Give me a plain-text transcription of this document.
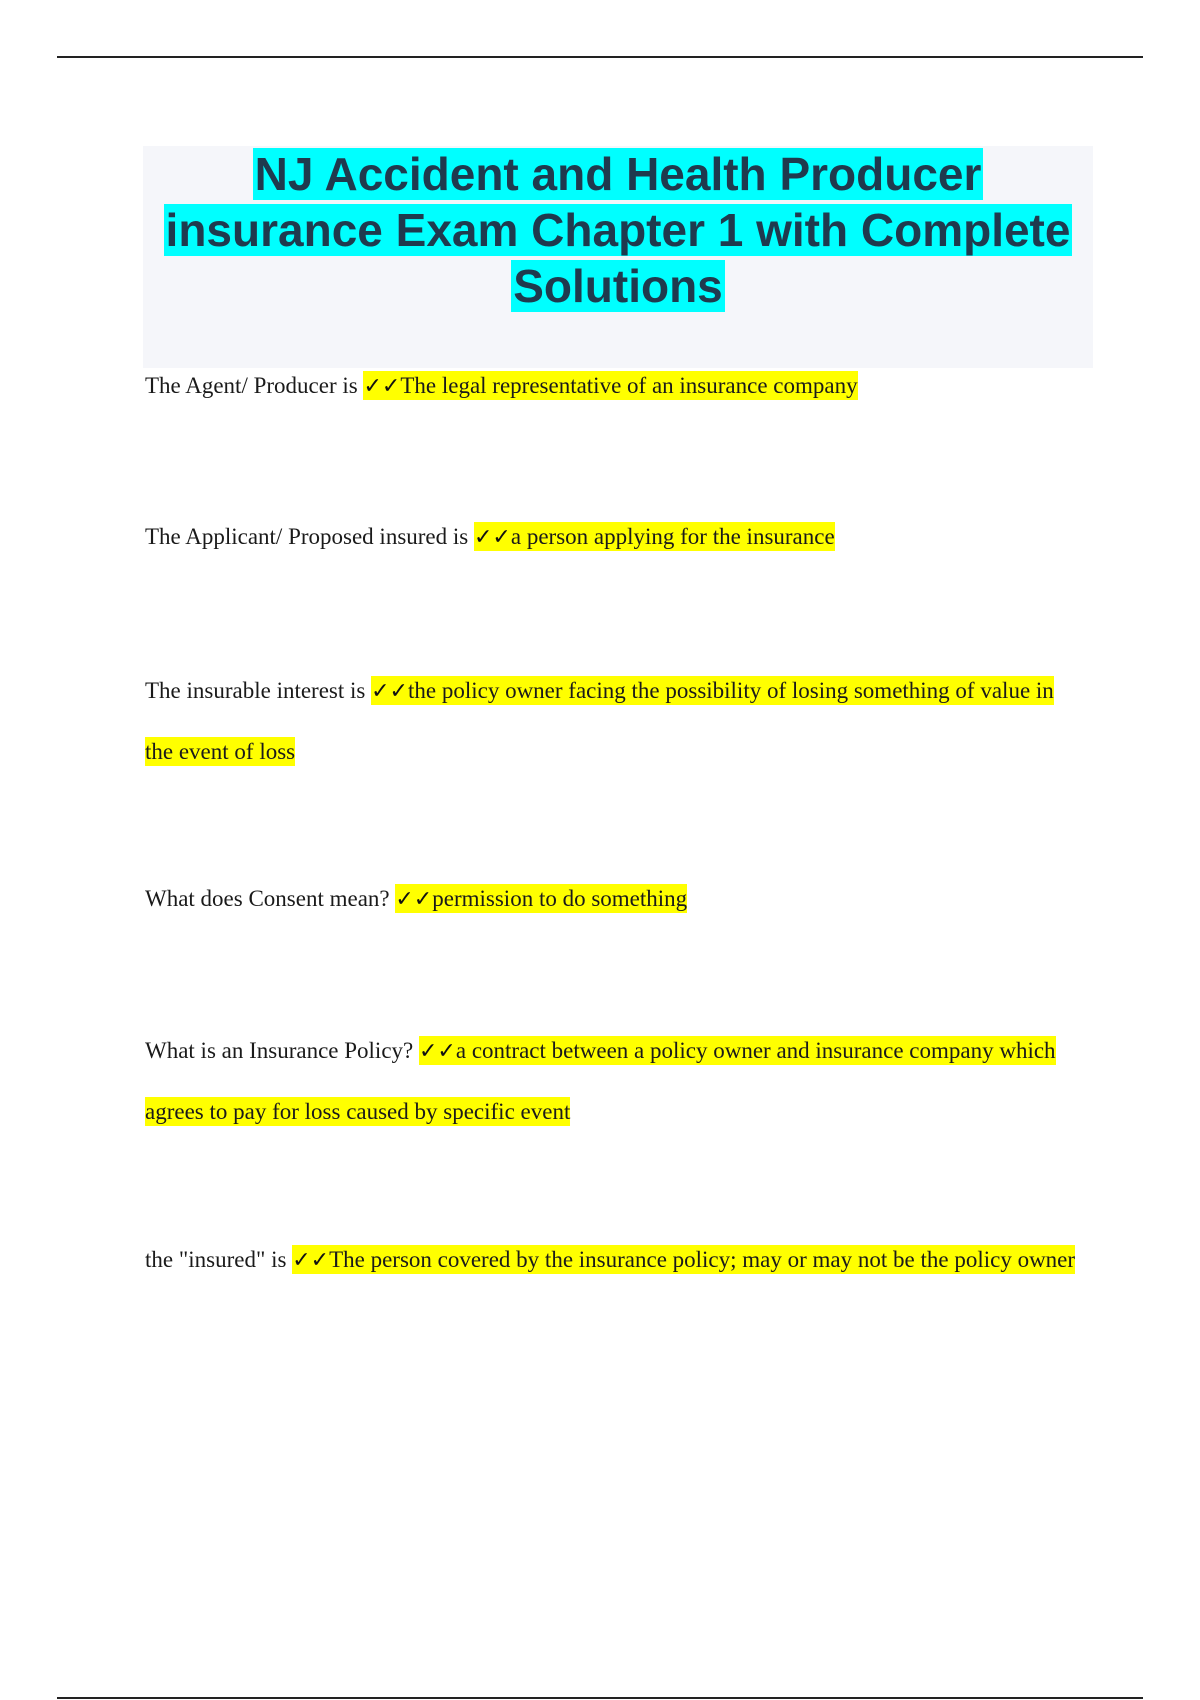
NJ Accident and Health Producer insurance Exam Chapter 1 with Complete Solutions

The Agent/ Producer is ✓✓The legal representative of an insurance company

The Applicant/ Proposed insured is ✓✓a person applying for the insurance

The insurable interest is ✓✓the policy owner facing the possibility of losing something of value in the event of loss

What does Consent mean? ✓✓permission to do something

What is an Insurance Policy? ✓✓a contract between a policy owner and insurance company which agrees to pay for loss caused by specific event

the "insured" is ✓✓The person covered by the insurance policy; may or may not be the policy owner
